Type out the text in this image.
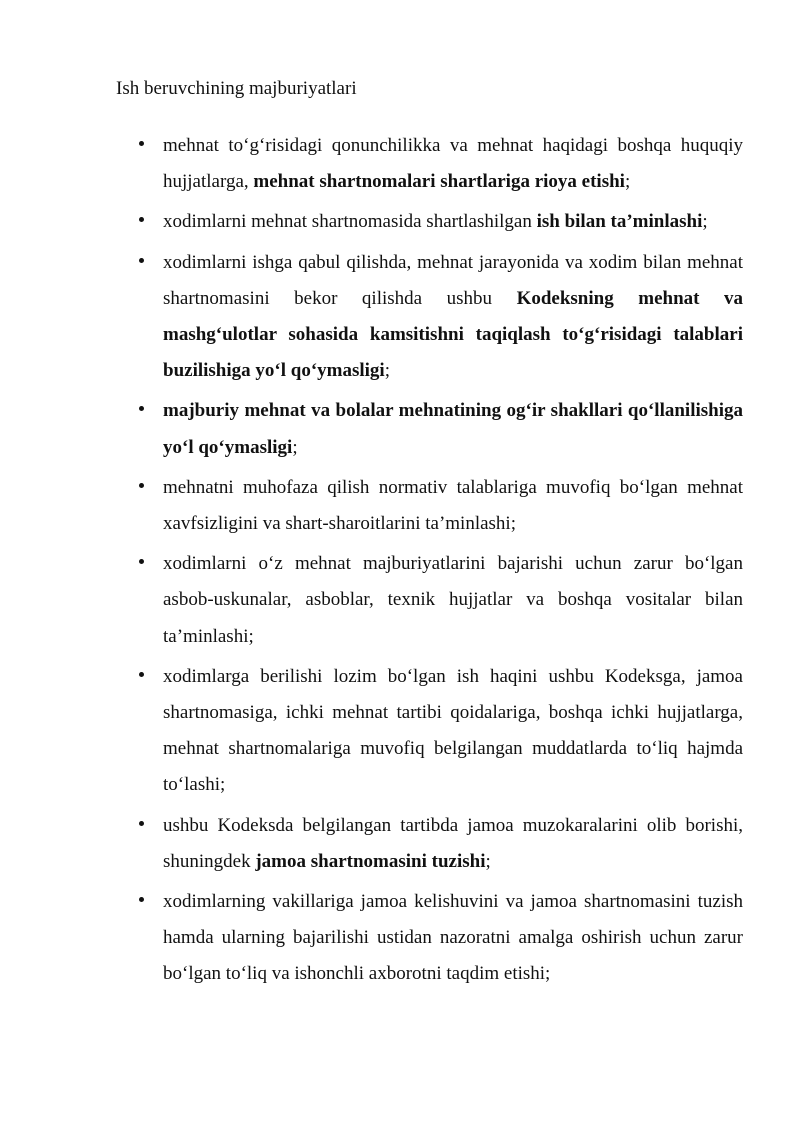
Ish beruvchining majburiyatlari

mehnat to‘g‘risidagi qonunchilikka va mehnat haqidagi boshqa huquqiy hujjatlarga, mehnat shartnomalari shartlariga rioya etishi;
xodimlarni mehnat shartnomasida shartlashilgan ish bilan ta’minlashi;
xodimlarni ishga qabul qilishda, mehnat jarayonida va xodim bilan mehnat shartnomasini bekor qilishda ushbu Kodeksning mehnat va mashg‘ulotlar sohasida kamsitishni taqiqlash to‘g‘risidagi talablari buzilishiga yo‘l qo‘ymasligi;
majburiy mehnat va bolalar mehnatining og‘ir shakllari qo‘llanilishiga yo‘l qo‘ymasligi;
mehnatni muhofaza qilish normativ talablariga muvofiq bo‘lgan mehnat xavfsizligini va shart-sharoitlarini ta’minlashi;
xodimlarni o‘z mehnat majburiyatlarini bajarishi uchun zarur bo‘lgan asbob-uskunalar, asboblar, texnik hujjatlar va boshqa vositalar bilan ta’minlashi;
xodimlarga berilishi lozim bo‘lgan ish haqini ushbu Kodeksga, jamoa shartnomasiga, ichki mehnat tartibi qoidalariga, boshqa ichki hujjatlarga, mehnat shartnomalariga muvofiq belgilangan muddatlarda to‘liq hajmda to‘lashi;
ushbu Kodeksda belgilangan tartibda jamoa muzokaralarini olib borishi, shuningdek jamoa shartnomasini tuzishi;
xodimlarning vakillariga jamoa kelishuvini va jamoa shartnomasini tuzish hamda ularning bajarilishi ustidan nazoratni amalga oshirish uchun zarur bo‘lgan to‘liq va ishonchli axborotni taqdim etishi;
